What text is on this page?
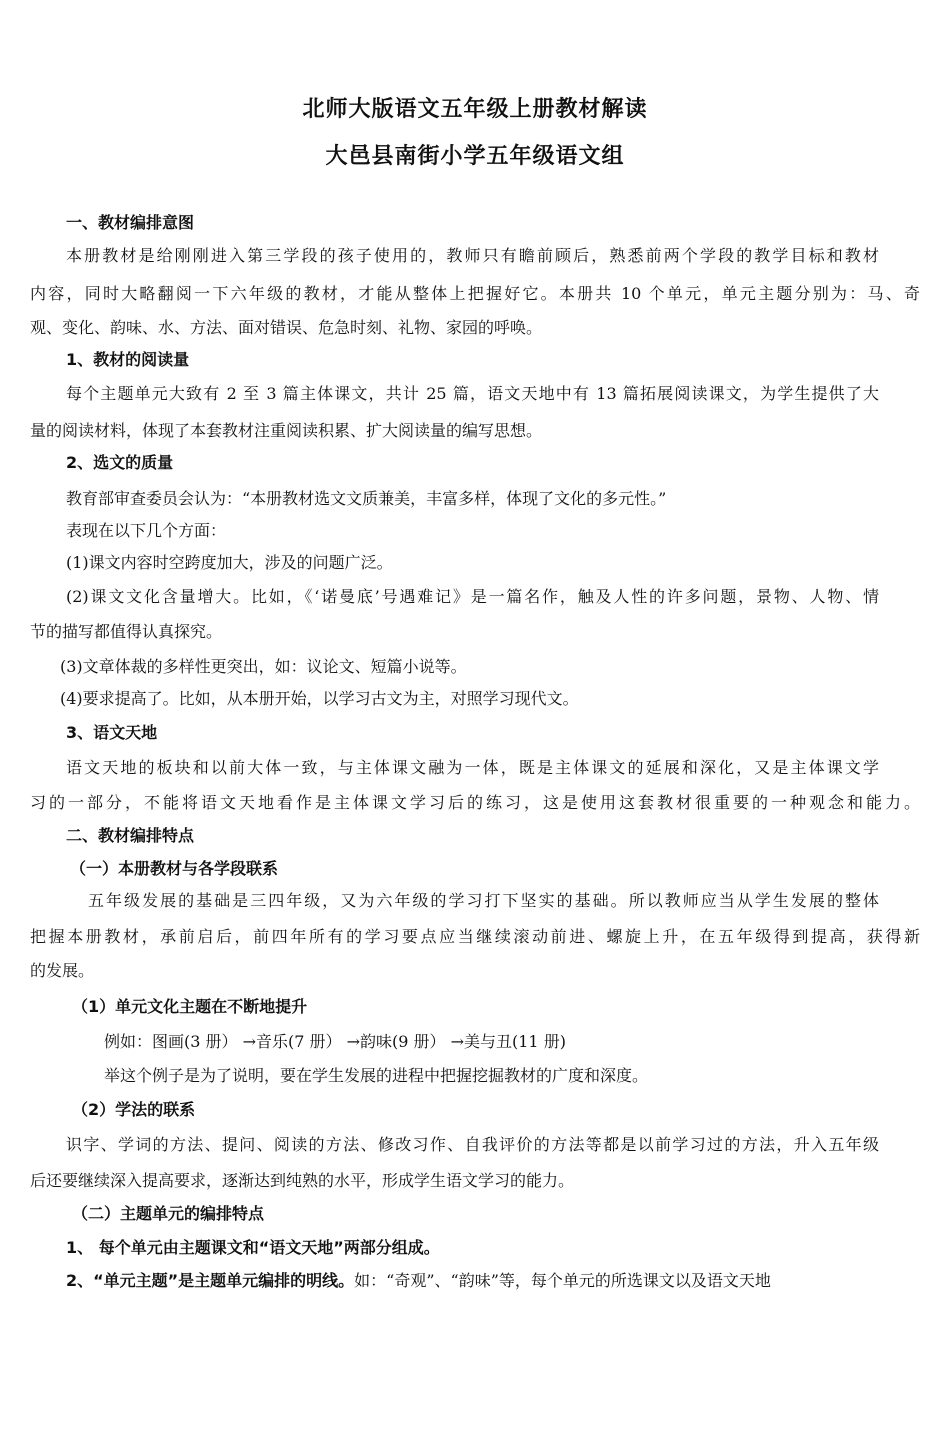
北师大版语文五年级上册教材解读
大邑县南街小学五年级语文组
一、教材编排意图
本册教材是给刚刚进入第三学段的孩子使用的，教师只有瞻前顾后，熟悉前两个学段的教学目标和教材
内容，同时大略翻阅一下六年级的教材，才能从整体上把握好它。本册共 10 个单元，单元主题分别为：马、奇
观、变化、韵味、水、方法、面对错误、危急时刻、礼物、家园的呼唤。
1、教材的阅读量
每个主题单元大致有 2 至 3 篇主体课文，共计 25 篇，语文天地中有 13 篇拓展阅读课文，为学生提供了大
量的阅读材料，体现了本套教材注重阅读积累、扩大阅读量的编写思想。
2、选文的质量
教育部审查委员会认为：“本册教材选文文质兼美，丰富多样，体现了文化的多元性。”
表现在以下几个方面：
(1)课文内容时空跨度加大，涉及的问题广泛。
(2)课文文化含量增大。比如，《‘诺曼底’号遇难记》是一篇名作，触及人性的许多问题，景物、人物、情
节的描写都值得认真探究。
(3)文章体裁的多样性更突出，如：议论文、短篇小说等。
(4)要求提高了。比如，从本册开始，以学习古文为主，对照学习现代文。
3、语文天地
语文天地的板块和以前大体一致，与主体课文融为一体，既是主体课文的延展和深化，又是主体课文学
习的一部分，不能将语文天地看作是主体课文学习后的练习，这是使用这套教材很重要的一种观念和能力。
二、教材编排特点
（一）本册教材与各学段联系
五年级发展的基础是三四年级，又为六年级的学习打下坚实的基础。所以教师应当从学生发展的整体
把握本册教材，承前启后，前四年所有的学习要点应当继续滚动前进、螺旋上升，在五年级得到提高，获得新
的发展。
（1）单元文化主题在不断地提升
例如：图画(3 册） →音乐(7 册） →韵味(9 册） →美与丑(11 册)
举这个例子是为了说明，要在学生发展的进程中把握挖掘教材的广度和深度。
（2）学法的联系
识字、学词的方法、提问、阅读的方法、修改习作、自我评价的方法等都是以前学习过的方法，升入五年级
后还要继续深入提高要求，逐渐达到纯熟的水平，形成学生语文学习的能力。
（二）主题单元的编排特点
1、 每个单元由主题课文和“语文天地”两部分组成。
2、“单元主题”是主题单元编排的明线。如：“奇观”、“韵味”等，每个单元的所选课文以及语文天地
